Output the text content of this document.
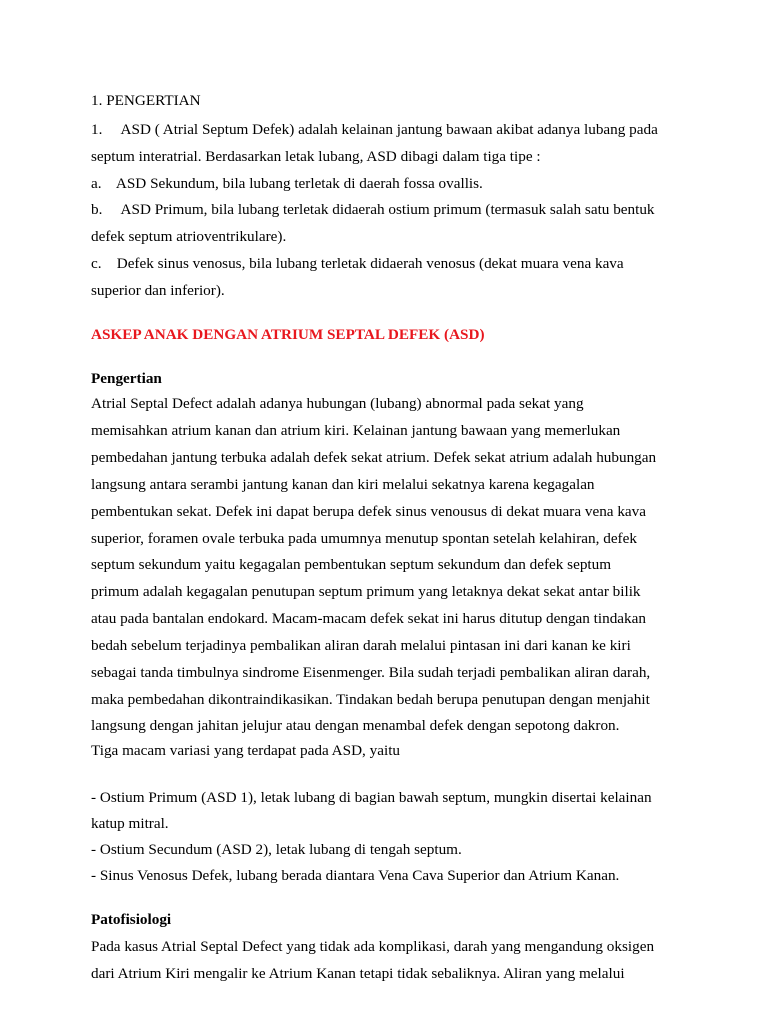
1. PENGERTIAN

1.     ASD ( Atrial Septum Defek) adalah kelainan jantung bawaan akibat adanya lubang pada

septum interatrial. Berdasarkan letak lubang, ASD dibagi dalam tiga tipe :

a.    ASD Sekundum, bila lubang terletak di daerah fossa ovallis.

b.     ASD Primum, bila lubang terletak didaerah ostium primum (termasuk salah satu bentuk

defek septum atrioventrikulare).

c.    Defek sinus venosus, bila lubang terletak didaerah venosus (dekat muara vena kava

superior dan inferior).

ASKEP ANAK DENGAN ATRIUM SEPTAL DEFEK (ASD)

Pengertian

Atrial Septal Defect adalah adanya hubungan (lubang) abnormal pada sekat yang

memisahkan atrium kanan dan atrium kiri. Kelainan jantung bawaan yang memerlukan

pembedahan jantung terbuka adalah defek sekat atrium. Defek sekat atrium adalah hubungan

langsung antara serambi jantung kanan dan kiri melalui sekatnya karena kegagalan

pembentukan sekat. Defek ini dapat berupa defek sinus venousus di dekat muara vena kava

superior, foramen ovale terbuka pada umumnya menutup spontan setelah kelahiran, defek

septum sekundum yaitu kegagalan pembentukan septum sekundum dan defek septum

primum adalah kegagalan penutupan septum primum yang letaknya dekat sekat antar bilik

atau pada bantalan endokard. Macam-macam defek sekat ini harus ditutup dengan tindakan

bedah sebelum terjadinya pembalikan aliran darah melalui pintasan ini dari kanan ke kiri

sebagai tanda timbulnya sindrome Eisenmenger. Bila sudah terjadi pembalikan aliran darah,

maka pembedahan dikontraindikasikan. Tindakan bedah berupa penutupan dengan menjahit

langsung dengan jahitan jelujur atau dengan menambal defek dengan sepotong dakron.

Tiga macam variasi yang terdapat pada ASD, yaitu

- Ostium Primum (ASD 1), letak lubang di bagian bawah septum, mungkin disertai kelainan

katup mitral.

- Ostium Secundum (ASD 2), letak lubang di tengah septum.

- Sinus Venosus Defek, lubang berada diantara Vena Cava Superior dan Atrium Kanan.

Patofisiologi

Pada kasus Atrial Septal Defect yang tidak ada komplikasi, darah yang mengandung oksigen

dari Atrium Kiri mengalir ke Atrium Kanan tetapi tidak sebaliknya. Aliran yang melalui
